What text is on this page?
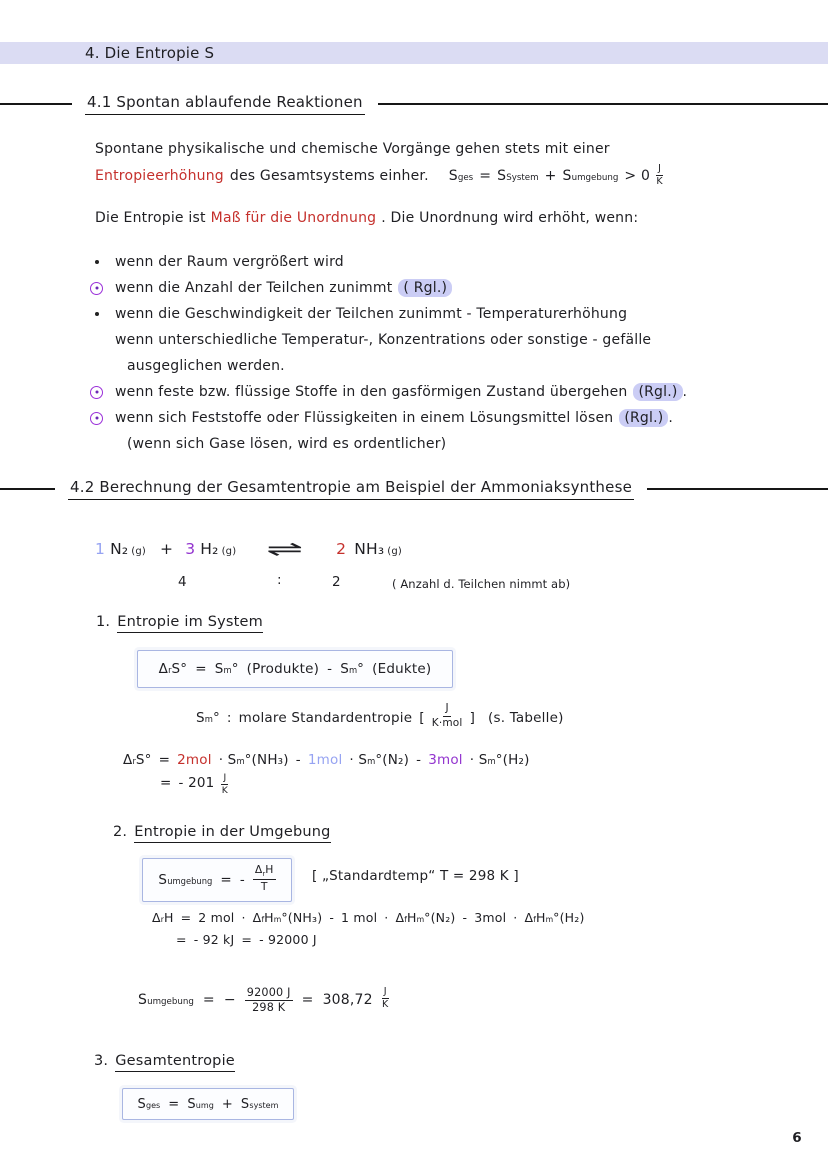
4. Die Entropie S
4.1 Spontan ablaufende Reaktionen
Spontane physikalische und chemische Vorgänge gehen stets mit einer
Entropieerhöhung des Gesamtsystems einher. S ges = S System + S umgebung > $0 \frac{J}{K}$
Die Entropie ist Maß für die Unordnung . Die Unordnung wird erhöht, wenn:
wenn der Raum vergrößert wird
wenn die Anzahl der Teilchen zunimmt ( Rgl.)
wenn die Geschwindigkeit der Teilchen zunimmt - Temperaturerhöhung
wenn unterschiedliche Temperatur-, Konzentrations oder sonstige - gefälle
ausgeglichen werden.
wenn feste bzw. flüssige Stoffe in den gasförmigen Zustand übergehen (Rgl.) .
wenn sich Feststoffe oder Flüssigkeiten in einem Lösungsmittel lösen (Rgl.) .
(wenn sich Gase lösen, wird es ordentlicher)
4.2 Berechnung der Gesamtentropie am Beispiel der Ammoniaksynthese
1 N₂ (g) + 3 H₂ (g) ⇌ 2 NH₃ (g)
4	:	2	( Anzahl d. Teilchen nimmt ab)
1. Entropie im System
Δ r S° = S m ° (Produkte) - S m ° (Edukte)
S m ° : molare Standardentropie [ $\frac{J}{\text{K·mol}}$ ] (s. Tabelle)
Δ r S° = 2mol · S m °(NH₃) - 1mol · S m °(N₂) - 3mol · S m °(H₂)
= - $201 \frac{J}{K}$
2. Entropie in der Umgebung
S umgebung = - $\frac{\Delta_rH}{T}$	[ „Standardtemp“ T = 298 K ]
Δ r H = 2 mol · Δ f H m °(NH₃) - 1 mol · Δ f H m °(N₂) - 3mol · Δ f H m °(H₂)
= - 92 kJ = - 92000 J
S umgebung = − $\frac{92000 J}{298 K} = 308,72 \frac{J}{K}$
3. Gesamtentropie
S ges = S umg + S system
6
